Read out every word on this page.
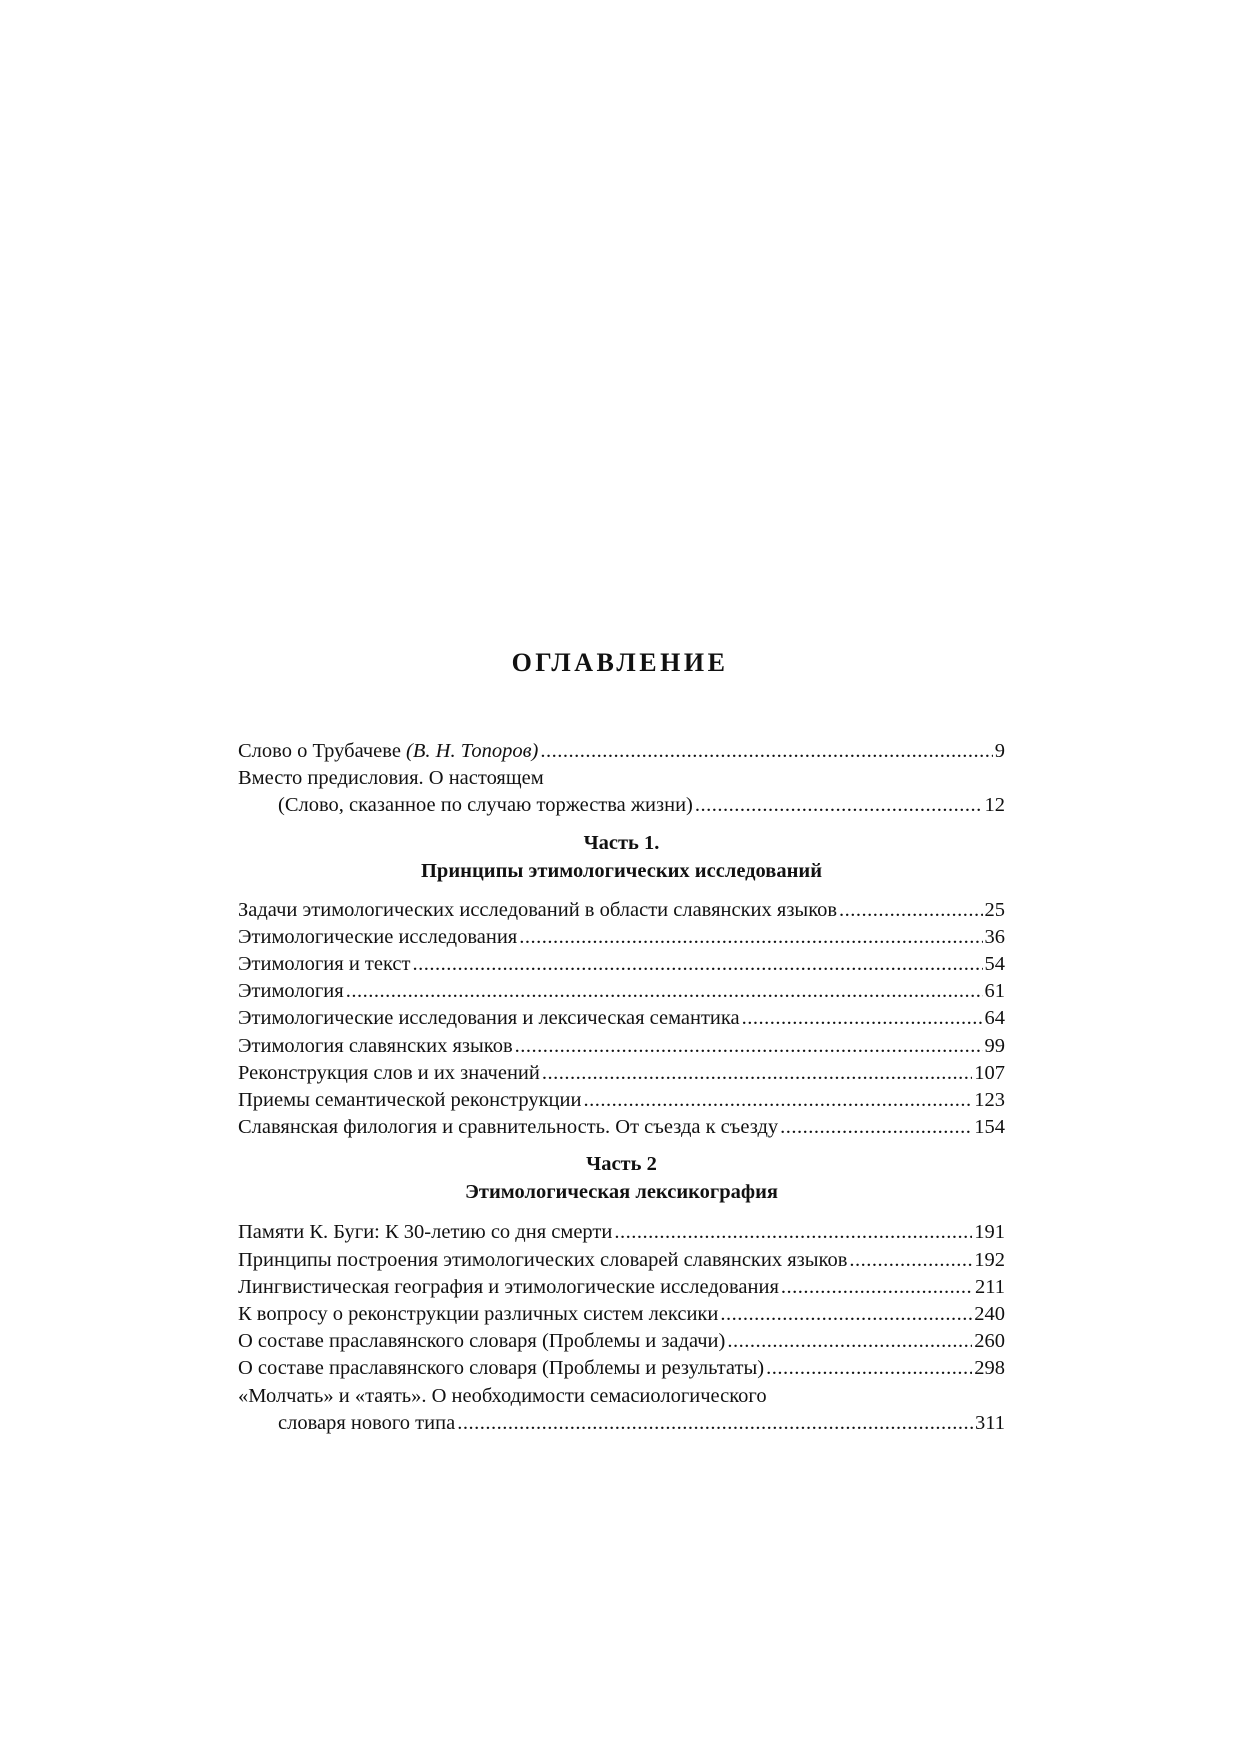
ОГЛАВЛЕНИЕ
Слово о Трубачеве (В. Н. Топоров) .....	9
Вместо предисловия. О настоящем
(Слово, сказанное по случаю торжества жизни) .....	12
Часть 1.
Принципы этимологических исследований
Задачи этимологических исследований в области славянских языков .....	25
Этимологические исследования .....	36
Этимология и текст .....	54
Этимология .....	61
Этимологические исследования и лексическая семантика .....	64
Этимология славянских языков .....	99
Реконструкция слов и их значений .....	107
Приемы семантической реконструкции .....	123
Славянская филология и сравнительность. От съезда к съезду .....	154
Часть 2
Этимологическая лексикография
Памяти К. Буги: К 30-летию со дня смерти .....	191
Принципы построения этимологических словарей славянских языков .....	192
Лингвистическая география и этимологические исследования .....	211
К вопросу о реконструкции различных систем лексики .....	240
О составе праславянского словаря (Проблемы и задачи) .....	260
О составе праславянского словаря (Проблемы и результаты) .....	298
«Молчать» и «таять». О необходимости семасиологического
словаря нового типа .....	311
